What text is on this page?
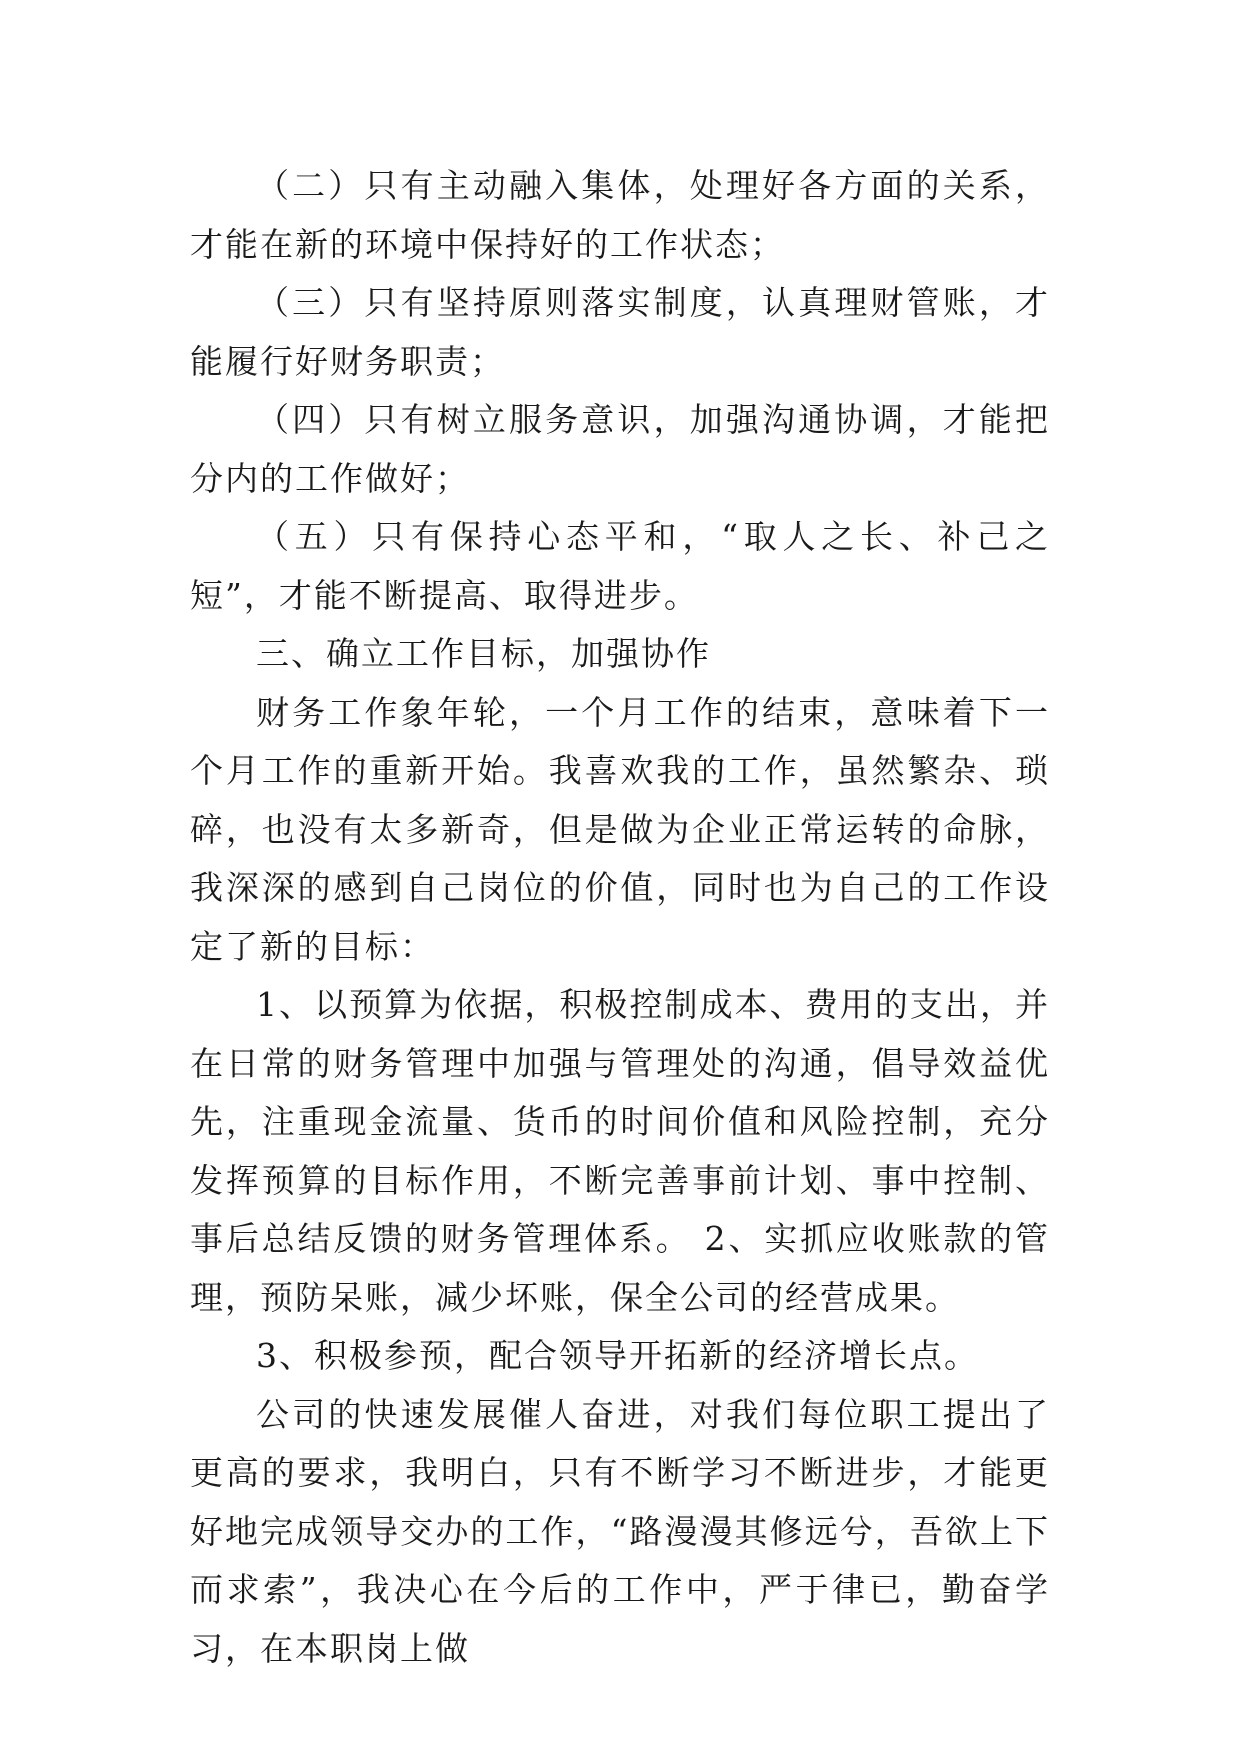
（二）只有主动融入集体，处理好各方面的关系，才能在新的环境中保持好的工作状态；

（三）只有坚持原则落实制度，认真理财管账，才能履行好财务职责；

（四）只有树立服务意识，加强沟通协调，才能把分内的工作做好；

（五）只有保持心态平和，“取人之长、补己之短”，才能不断提高、取得进步。

三、确立工作目标，加强协作

财务工作象年轮，一个月工作的结束，意味着下一个月工作的重新开始。我喜欢我的工作，虽然繁杂、琐碎，也没有太多新奇，但是做为企业正常运转的命脉，我深深的感到自己岗位的价值，同时也为自己的工作设定了新的目标：

1、以预算为依据，积极控制成本、费用的支出，并在日常的财务管理中加强与管理处的沟通，倡导效益优先，注重现金流量、货币的时间价值和风险控制，充分发挥预算的目标作用，不断完善事前计划、事中控制、事后总结反馈的财务管理体系。 2、实抓应收账款的管理，预防呆账，减少坏账，保全公司的经营成果。

3、积极参预，配合领导开拓新的经济增长点。

公司的快速发展催人奋进，对我们每位职工提出了更高的要求，我明白，只有不断学习不断进步，才能更好地完成领导交办的工作，“路漫漫其修远兮，吾欲上下而求索”，我决心在今后的工作中，严于律已，勤奋学习，在本职岗上做
